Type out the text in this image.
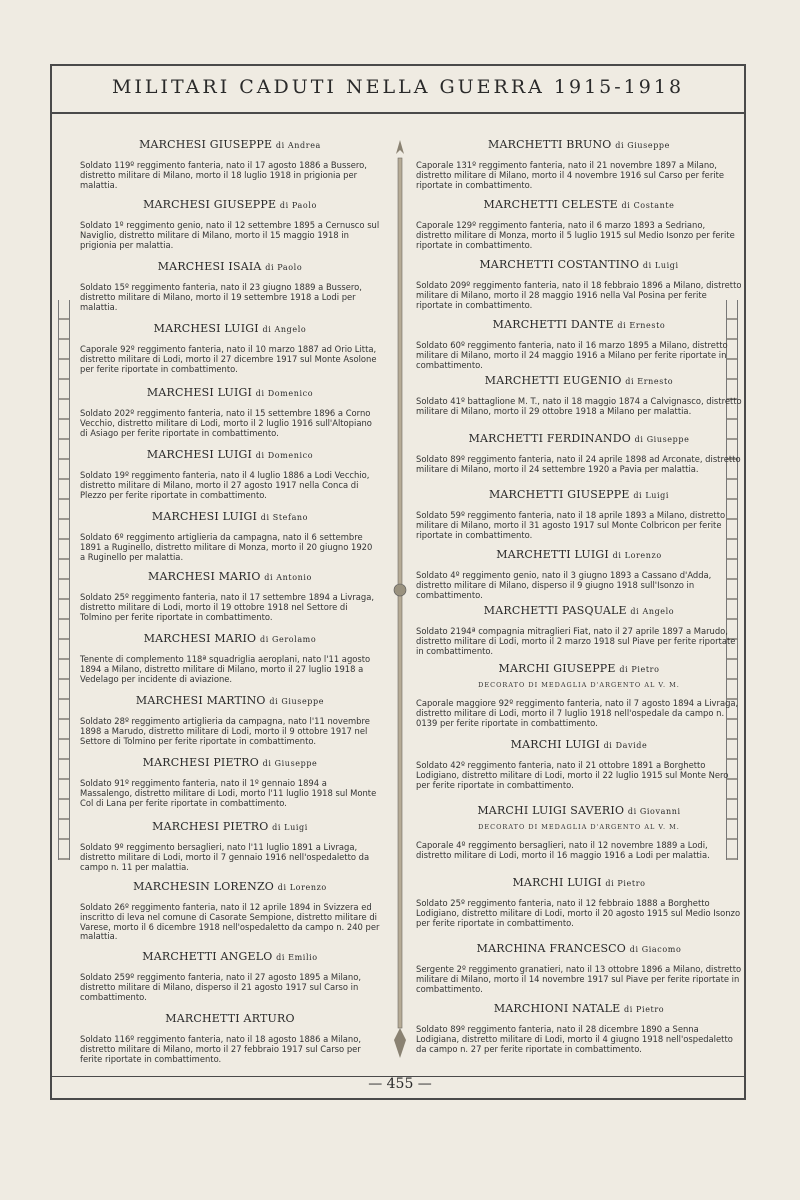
MILITARI CADUTI NELLA GUERRA 1915-1918
MARCHESI GIUSEPPE di Andrea
Soldato 119º reggimento fanteria, nato il 17 agosto 1886 a Bussero, distretto militare di Milano, morto il 18 luglio 1918 in prigionia per malattia.
MARCHESI GIUSEPPE di Paolo
Soldato 1º reggimento genio, nato il 12 settembre 1895 a Cernusco sul Naviglio, distretto militare di Milano, morto il 15 maggio 1918 in prigionia per malattia.
MARCHESI ISAIA di Paolo
Soldato 15º reggimento fanteria, nato il 23 giugno 1889 a Bussero, distretto militare di Milano, morto il 19 settembre 1918 a Lodi per malattia.
MARCHESI LUIGI di Angelo
Caporale 92º reggimento fanteria, nato il 10 marzo 1887 ad Orio Litta, distretto militare di Lodi, morto il 27 dicembre 1917 sul Monte Asolone per ferite riportate in combattimento.
MARCHESI LUIGI di Domenico
Soldato 202º reggimento fanteria, nato il 15 settembre 1896 a Corno Vecchio, distretto militare di Lodi, morto il 2 luglio 1916 sull'Altopiano di Asiago per ferite riportate in combattimento.
MARCHESI LUIGI di Domenico
Soldato 19º reggimento fanteria, nato il 4 luglio 1886 a Lodi Vecchio, distretto militare di Milano, morto il 27 agosto 1917 nella Conca di Plezzo per ferite riportate in combattimento.
MARCHESI LUIGI di Stefano
Soldato 6º reggimento artiglieria da campagna, nato il 6 settembre 1891 a Ruginello, distretto militare di Monza, morto il 20 giugno 1920 a Ruginello per malattia.
MARCHESI MARIO di Antonio
Soldato 25º reggimento fanteria, nato il 17 settembre 1894 a Livraga, distretto militare di Lodi, morto il 19 ottobre 1918 nel Settore di Tolmino per ferite riportate in combattimento.
MARCHESI MARIO di Gerolamo
Tenente di complemento 118ª squadriglia aeroplani, nato l'11 agosto 1894 a Milano, distretto militare di Milano, morto il 27 luglio 1918 a Vedelago per incidente di aviazione.
MARCHESI MARTINO di Giuseppe
Soldato 28º reggimento artiglieria da campagna, nato l'11 novembre 1898 a Marudo, distretto militare di Lodi, morto il 9 ottobre 1917 nel Settore di Tolmino per ferite riportate in combattimento.
MARCHESI PIETRO di Giuseppe
Soldato 91º reggimento fanteria, nato il 1º gennaio 1894 a Massalengo, distretto militare di Lodi, morto l'11 luglio 1918 sul Monte Col di Lana per ferite riportate in combattimento.
MARCHESI PIETRO di Luigi
Soldato 9º reggimento bersaglieri, nato l'11 luglio 1891 a Livraga, distretto militare di Lodi, morto il 7 gennaio 1916 nell'ospedaletto da campo n. 11 per malattia.
MARCHESIN LORENZO di Lorenzo
Soldato 26º reggimento fanteria, nato il 12 aprile 1894 in Svizzera ed inscritto di leva nel comune di Casorate Sempione, distretto militare di Varese, morto il 6 dicembre 1918 nell'ospedaletto da campo n. 240 per malattia.
MARCHETTI ANGELO di Emilio
Soldato 259º reggimento fanteria, nato il 27 agosto 1895 a Milano, distretto militare di Milano, disperso il 21 agosto 1917 sul Carso in combattimento.
MARCHETTI ARTURO
Soldato 116º reggimento fanteria, nato il 18 agosto 1886 a Milano, distretto militare di Milano, morto il 27 febbraio 1917 sul Carso per ferite riportate in combattimento.
MARCHETTI BRUNO di Giuseppe
Caporale 131º reggimento fanteria, nato il 21 novembre 1897 a Milano, distretto militare di Milano, morto il 4 novembre 1916 sul Carso per ferite riportate in combattimento.
MARCHETTI CELESTE di Costante
Caporale 129º reggimento fanteria, nato il 6 marzo 1893 a Sedriano, distretto militare di Monza, morto il 5 luglio 1915 sul Medio Isonzo per ferite riportate in combattimento.
MARCHETTI COSTANTINO di Luigi
Soldato 209º reggimento fanteria, nato il 18 febbraio 1896 a Milano, distretto militare di Milano, morto il 28 maggio 1916 nella Val Posina per ferite riportate in combattimento.
MARCHETTI DANTE di Ernesto
Soldato 60º reggimento fanteria, nato il 16 marzo 1895 a Milano, distretto militare di Milano, morto il 24 maggio 1916 a Milano per ferite riportate in combattimento.
MARCHETTI EUGENIO di Ernesto
Soldato 41º battaglione M. T., nato il 18 maggio 1874 a Calvignasco, distretto militare di Milano, morto il 29 ottobre 1918 a Milano per malattia.
MARCHETTI FERDINANDO di Giuseppe
Soldato 89º reggimento fanteria, nato il 24 aprile 1898 ad Arconate, distretto militare di Milano, morto il 24 settembre 1920 a Pavia per malattia.
MARCHETTI GIUSEPPE di Luigi
Soldato 59º reggimento fanteria, nato il 18 aprile 1893 a Milano, distretto militare di Milano, morto il 31 agosto 1917 sul Monte Colbricon per ferite riportate in combattimento.
MARCHETTI LUIGI di Lorenzo
Soldato 4º reggimento genio, nato il 3 giugno 1893 a Cassano d'Adda, distretto militare di Milano, disperso il 9 giugno 1918 sull'Isonzo in combattimento.
MARCHETTI PASQUALE di Angelo
Soldato 2194ª compagnia mitraglieri Fiat, nato il 27 aprile 1897 a Marudo, distretto militare di Lodi, morto il 2 marzo 1918 sul Piave per ferite riportate in combattimento.
MARCHI GIUSEPPE di Pietro
DECORATO DI MEDAGLIA D'ARGENTO AL V. M.
Caporale maggiore 92º reggimento fanteria, nato il 7 agosto 1894 a Livraga, distretto militare di Lodi, morto il 7 luglio 1918 nell'ospedale da campo n. 0139 per ferite riportate in combattimento.
MARCHI LUIGI di Davide
Soldato 42º reggimento fanteria, nato il 21 ottobre 1891 a Borghetto Lodigiano, distretto militare di Lodi, morto il 22 luglio 1915 sul Monte Nero per ferite riportate in combattimento.
MARCHI LUIGI SAVERIO di Giovanni
DECORATO DI MEDAGLIA D'ARGENTO AL V. M.
Caporale 4º reggimento bersaglieri, nato il 12 novembre 1889 a Lodi, distretto militare di Lodi, morto il 16 maggio 1916 a Lodi per malattia.
MARCHI LUIGI di Pietro
Soldato 25º reggimento fanteria, nato il 12 febbraio 1888 a Borghetto Lodigiano, distretto militare di Lodi, morto il 20 agosto 1915 sul Medio Isonzo per ferite riportate in combattimento.
MARCHINA FRANCESCO di Giacomo
Sergente 2º reggimento granatieri, nato il 13 ottobre 1896 a Milano, distretto militare di Milano, morto il 14 novembre 1917 sul Piave per ferite riportate in combattimento.
MARCHIONI NATALE di Pietro
Soldato 89º reggimento fanteria, nato il 28 dicembre 1890 a Senna Lodigiana, distretto militare di Lodi, morto il 4 giugno 1918 nell'ospedaletto da campo n. 27 per ferite riportate in combattimento.
— 455 —
